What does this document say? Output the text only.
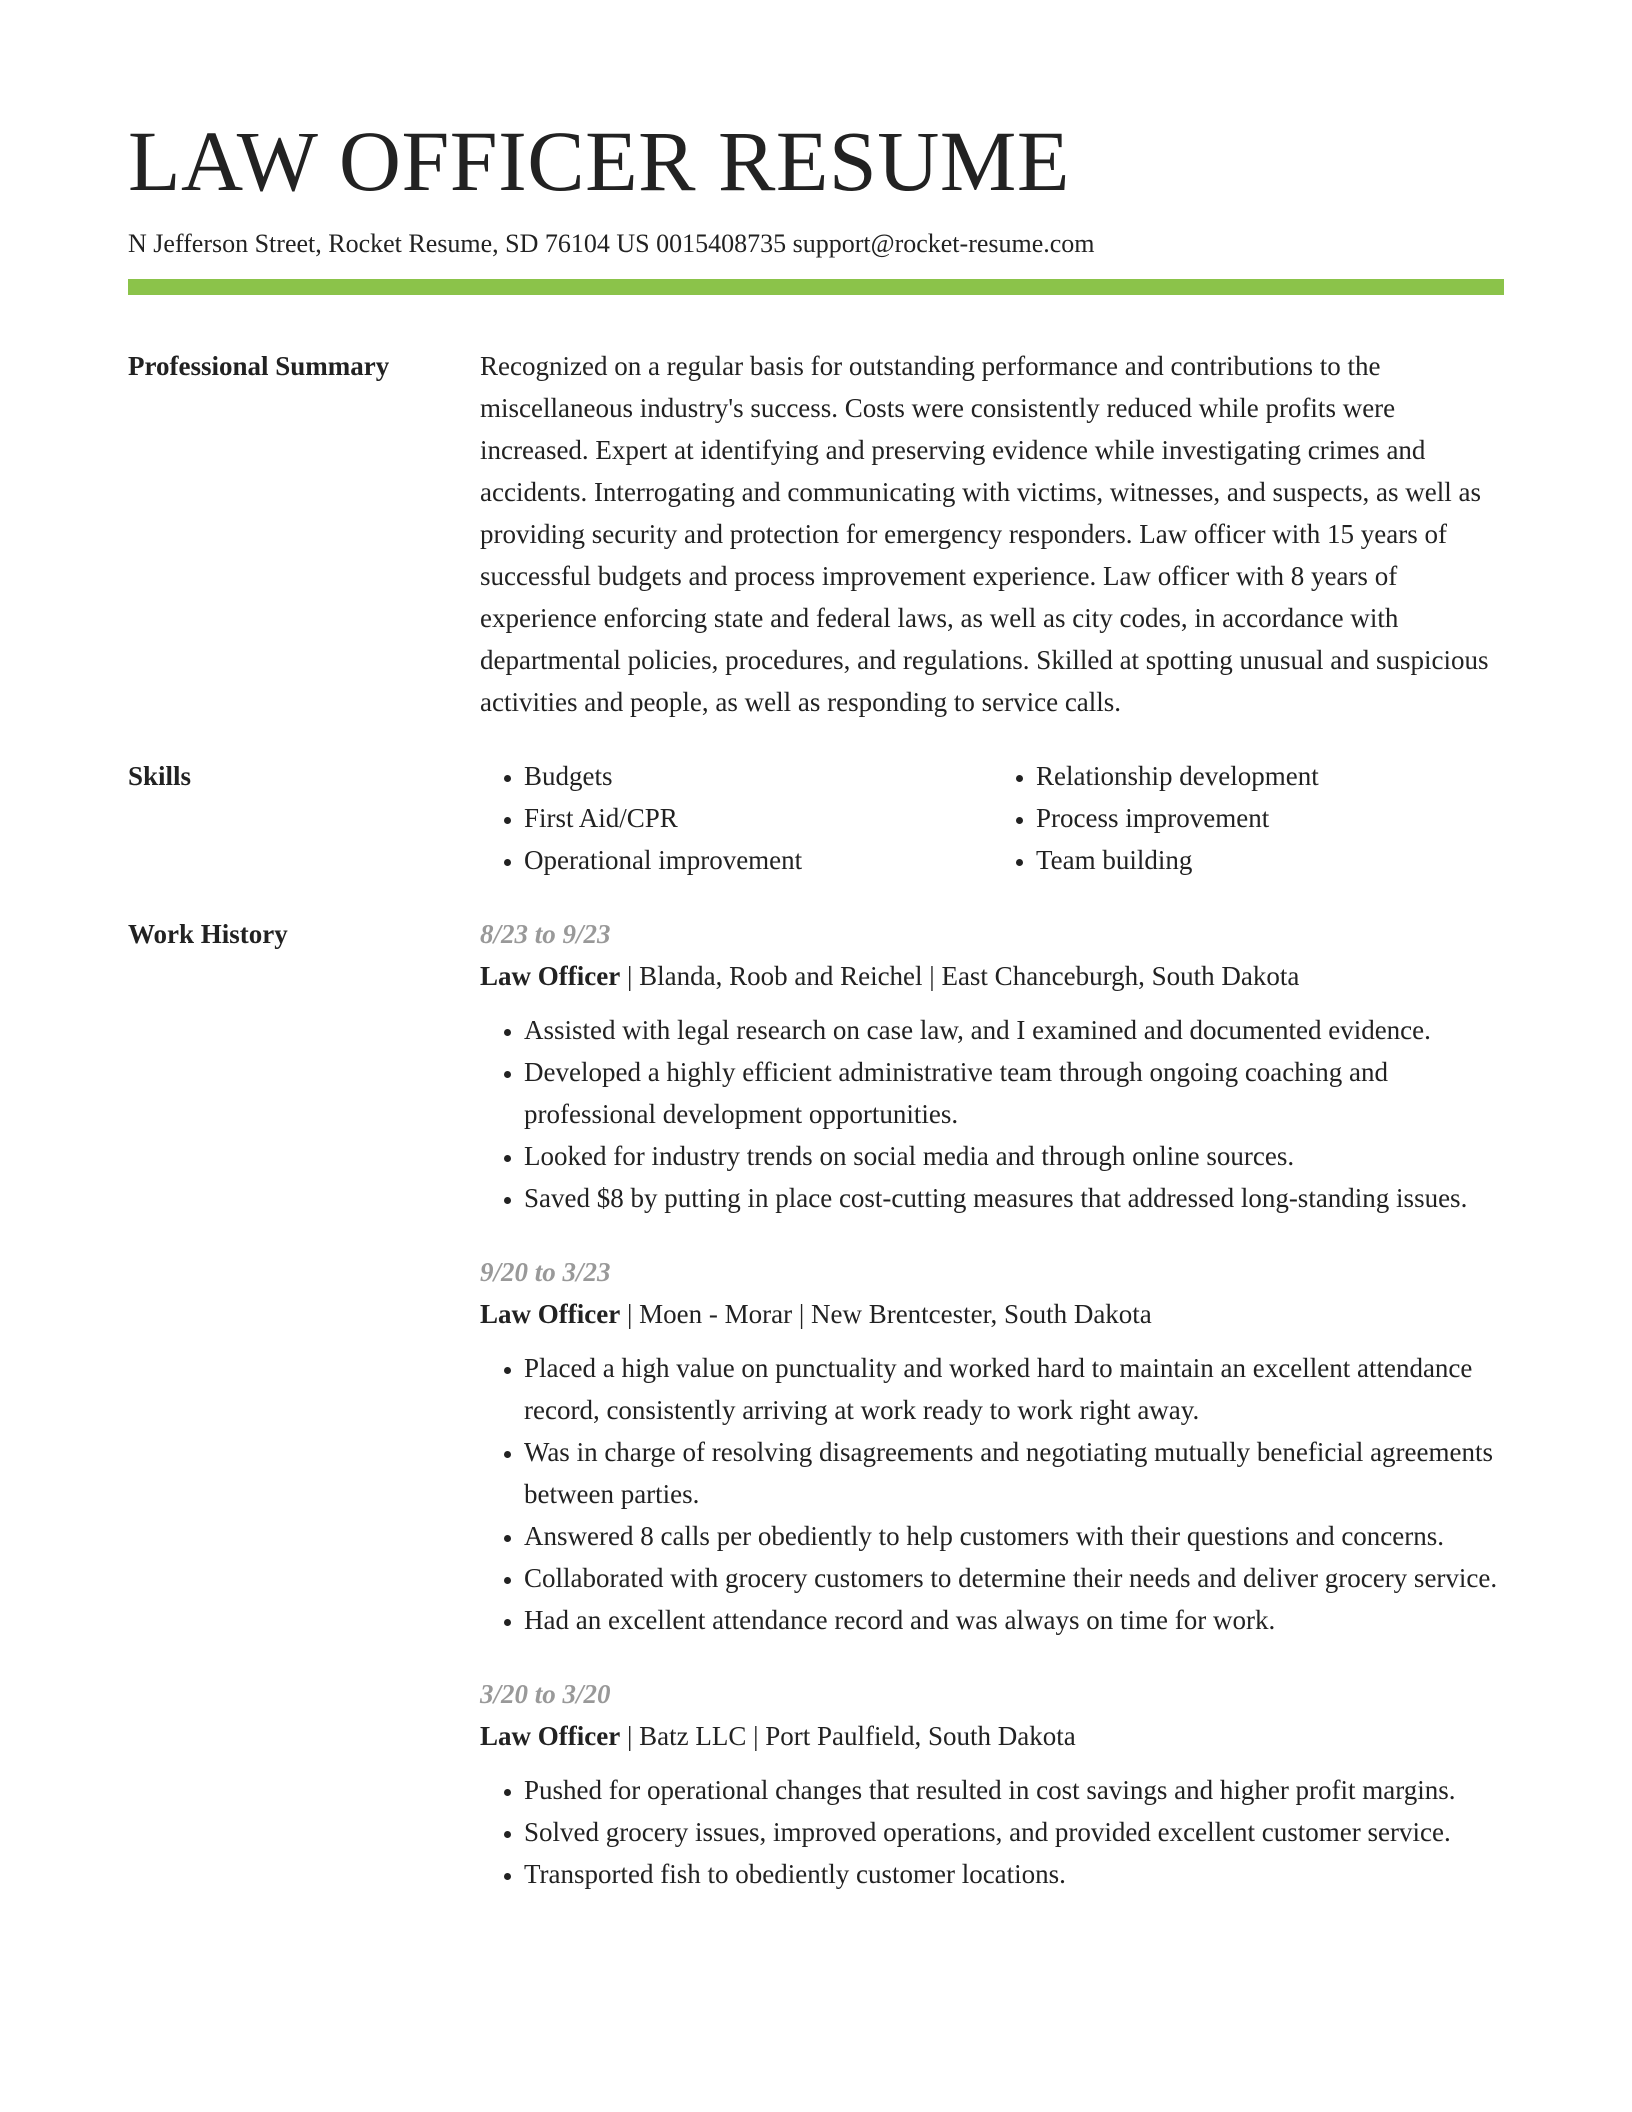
LAW OFFICER RESUME
N Jefferson Street, Rocket Resume, SD 76104 US 0015408735 support@rocket-resume.com
Professional Summary	Recognized on a regular basis for outstanding performance and contributions to the miscellaneous industry's success. Costs were consistently reduced while profits were increased. Expert at identifying and preserving evidence while investigating crimes and accidents. Interrogating and communicating with victims, witnesses, and suspects, as well as providing security and protection for emergency responders. Law officer with 15 years of successful budgets and process improvement experience. Law officer with 8 years of experience enforcing state and federal laws, as well as city codes, in accordance with departmental policies, procedures, and regulations. Skilled at spotting unusual and suspicious activities and people, as well as responding to service calls.

Skills
•	Budgets
• First Aid/CPR
• Operational improvement
• Relationship development
• Process improvement
• Team building
Work History	8/23 to 9/23
Law Officer | Blanda, Roob and Reichel | East Chanceburgh, South Dakota
• Assisted with legal research on case law, and I examined and documented evidence.
• Developed a highly efficient administrative team through ongoing coaching and professional development opportunities.
• Looked for industry trends on social media and through online sources.
• Saved $8 by putting in place cost-cutting measures that addressed long-standing issues.
9/20 to 3/23
Law Officer | Moen - Morar | New Brentcester, South Dakota
• Placed a high value on punctuality and worked hard to maintain an excellent attendance record, consistently arriving at work ready to work right away.
• Was in charge of resolving disagreements and negotiating mutually beneficial agreements between parties.
• Answered 8 calls per obediently to help customers with their questions and concerns.
• Collaborated with grocery customers to determine their needs and deliver grocery service.
• Had an excellent attendance record and was always on time for work.
3/20 to 3/20
Law Officer | Batz LLC | Port Paulfield, South Dakota
• Pushed for operational changes that resulted in cost savings and higher profit margins.
• Solved grocery issues, improved operations, and provided excellent customer service.
• Transported fish to obediently customer locations.
